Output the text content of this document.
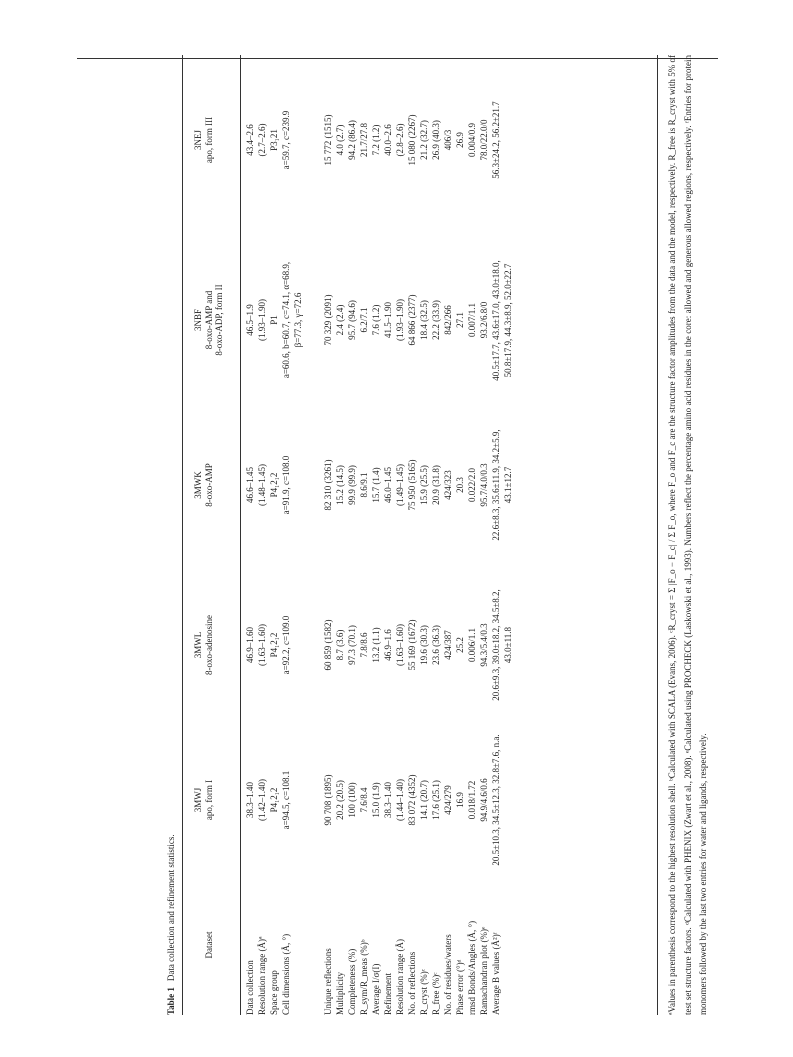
Table 1Data collection and refinement statistics.	Dataset
3MWJ apo, form I
3MWL 8-oxo-adenosine
3MWK 8-oxo-AMP
3NBF 8-oxo-AMP and 8-oxo-ADP, form II
3NEJ apo, form III
Data collection
38.3–1.40
46.9–1.60
46.6–1.45
46.5–1.9
43.4–2.6
Resolution range (Å)ª
(1.42–1.40)
(1.63–1.60)
(1.48–1.45)
(1.93–1.90)
(2.7–2.6)
Space group
P4₁2₁2
P4₁2₁2
P4₁2₁2
P1
P3₁21
Cell dimensions (Å, °)
a=94.5, c=108.1
a=92.2, c=109.0
a=91.9, c=108.0
a=60.6, b=60.7, c=74.1, α=68.9, β=77.3, γ=72.6
a=59.7, c=239.9
Unique reflections
90 708 (1895)
60 859 (1582)
82 310 (3261)
70 329 (2091)
15 772 (1515)
Multiplicity
20.2 (20.5)
8.7 (3.6)
15.2 (14.5)
2.4 (2.4)
4.0 (2.7)
Completeness (%)
100 (100)
97.3 (70.1)
99.9 (99.9)
95.7 (94.6)
94.2 (86.4)
R_sym/R_meas (%)ᵇ
7.6/8.4
7.8/8.6
8.6/9.1
6.2/7.1
21.7/27.8
Average I/σ(I)
15.0 (1.9)
13.2 (1.1)
15.7 (1.4)
7.6 (1.2)
7.2 (1.2)
Refinement
38.3–1.40
46.9–1.6
46.0–1.45
41.5–1.90
40.0–2.6
Resolution range (Å)
(1.44–1.40)
(1.63–1.60)
(1.49–1.45)
(1.93–1.90)
(2.8–2.6)
No. of reflections
83 072 (4352)
55 169 (1672)
75 950 (5165)
64 866 (2377)
15 080 (2267)
R_cryst (%)ᶜ
14.1 (20.7)
19.6 (30.3)
15.9 (25.5)
18.4 (32.5)
21.2 (32.7)
R_free (%)ᶜ
17.6 (25.1)
23.6 (36.3)
20.9 (31.8)
22.2 (33.9)
26.9 (40.3)
No. of residues/waters
424/279
424/387
424/323
842/266
406/3
Phase error (°)ᵈ
16.9
25.2
20.3
27.1
26.9
rmsd Bonds/Angles (Å, °)
0.018/1.72
0.006/1.1
0.022/2.0
0.007/1.1
0.004/0.9
Ramachandran plot (%)ᵉ
94.9/4.6/0.6
94.3/5.4/0.3
95.7/4.0/0.3
93.2/6.8/0
78.0/22.0/0
Average B values (Å²)ᶠ
20.5±10.3, 34.5±12.3, 32.8±7.6, n.a.
20.6±9.3, 39.0±18.2, 34.5±8.2, 43.0±11.8
22.6±8.3, 35.6±11.9, 34.2±5.9, 43.1±12.7
40.5±17.7, 43.6±17.0, 43.0±18.0, 50.8±17.9, 44.3±8.9, 52.0±22.7
56.3±24.2, 56.2±21.7	ªValues in parenthesis correspond to the highest resolution shell. ᵇCalculated with SCALA (Evans, 2006). ᶜR_cryst = Σ |F_o − F_c| / Σ F_o, where F_o and F_c are the structure factor amplitudes from the data and the model, respectively. R_free is R_cryst with 5% of test set structure factors. ᵈCalculated with PHENIX (Zwart et al., 2008). ᵉCalculated using PROCHECK (Laskowski et al., 1993). Numbers reflect the percentage amino acid residues in the core: allowed and generous allowed regions, respectively. ᶠEntries for protein monomers followed by the last two entries for water and ligands, respectively.
